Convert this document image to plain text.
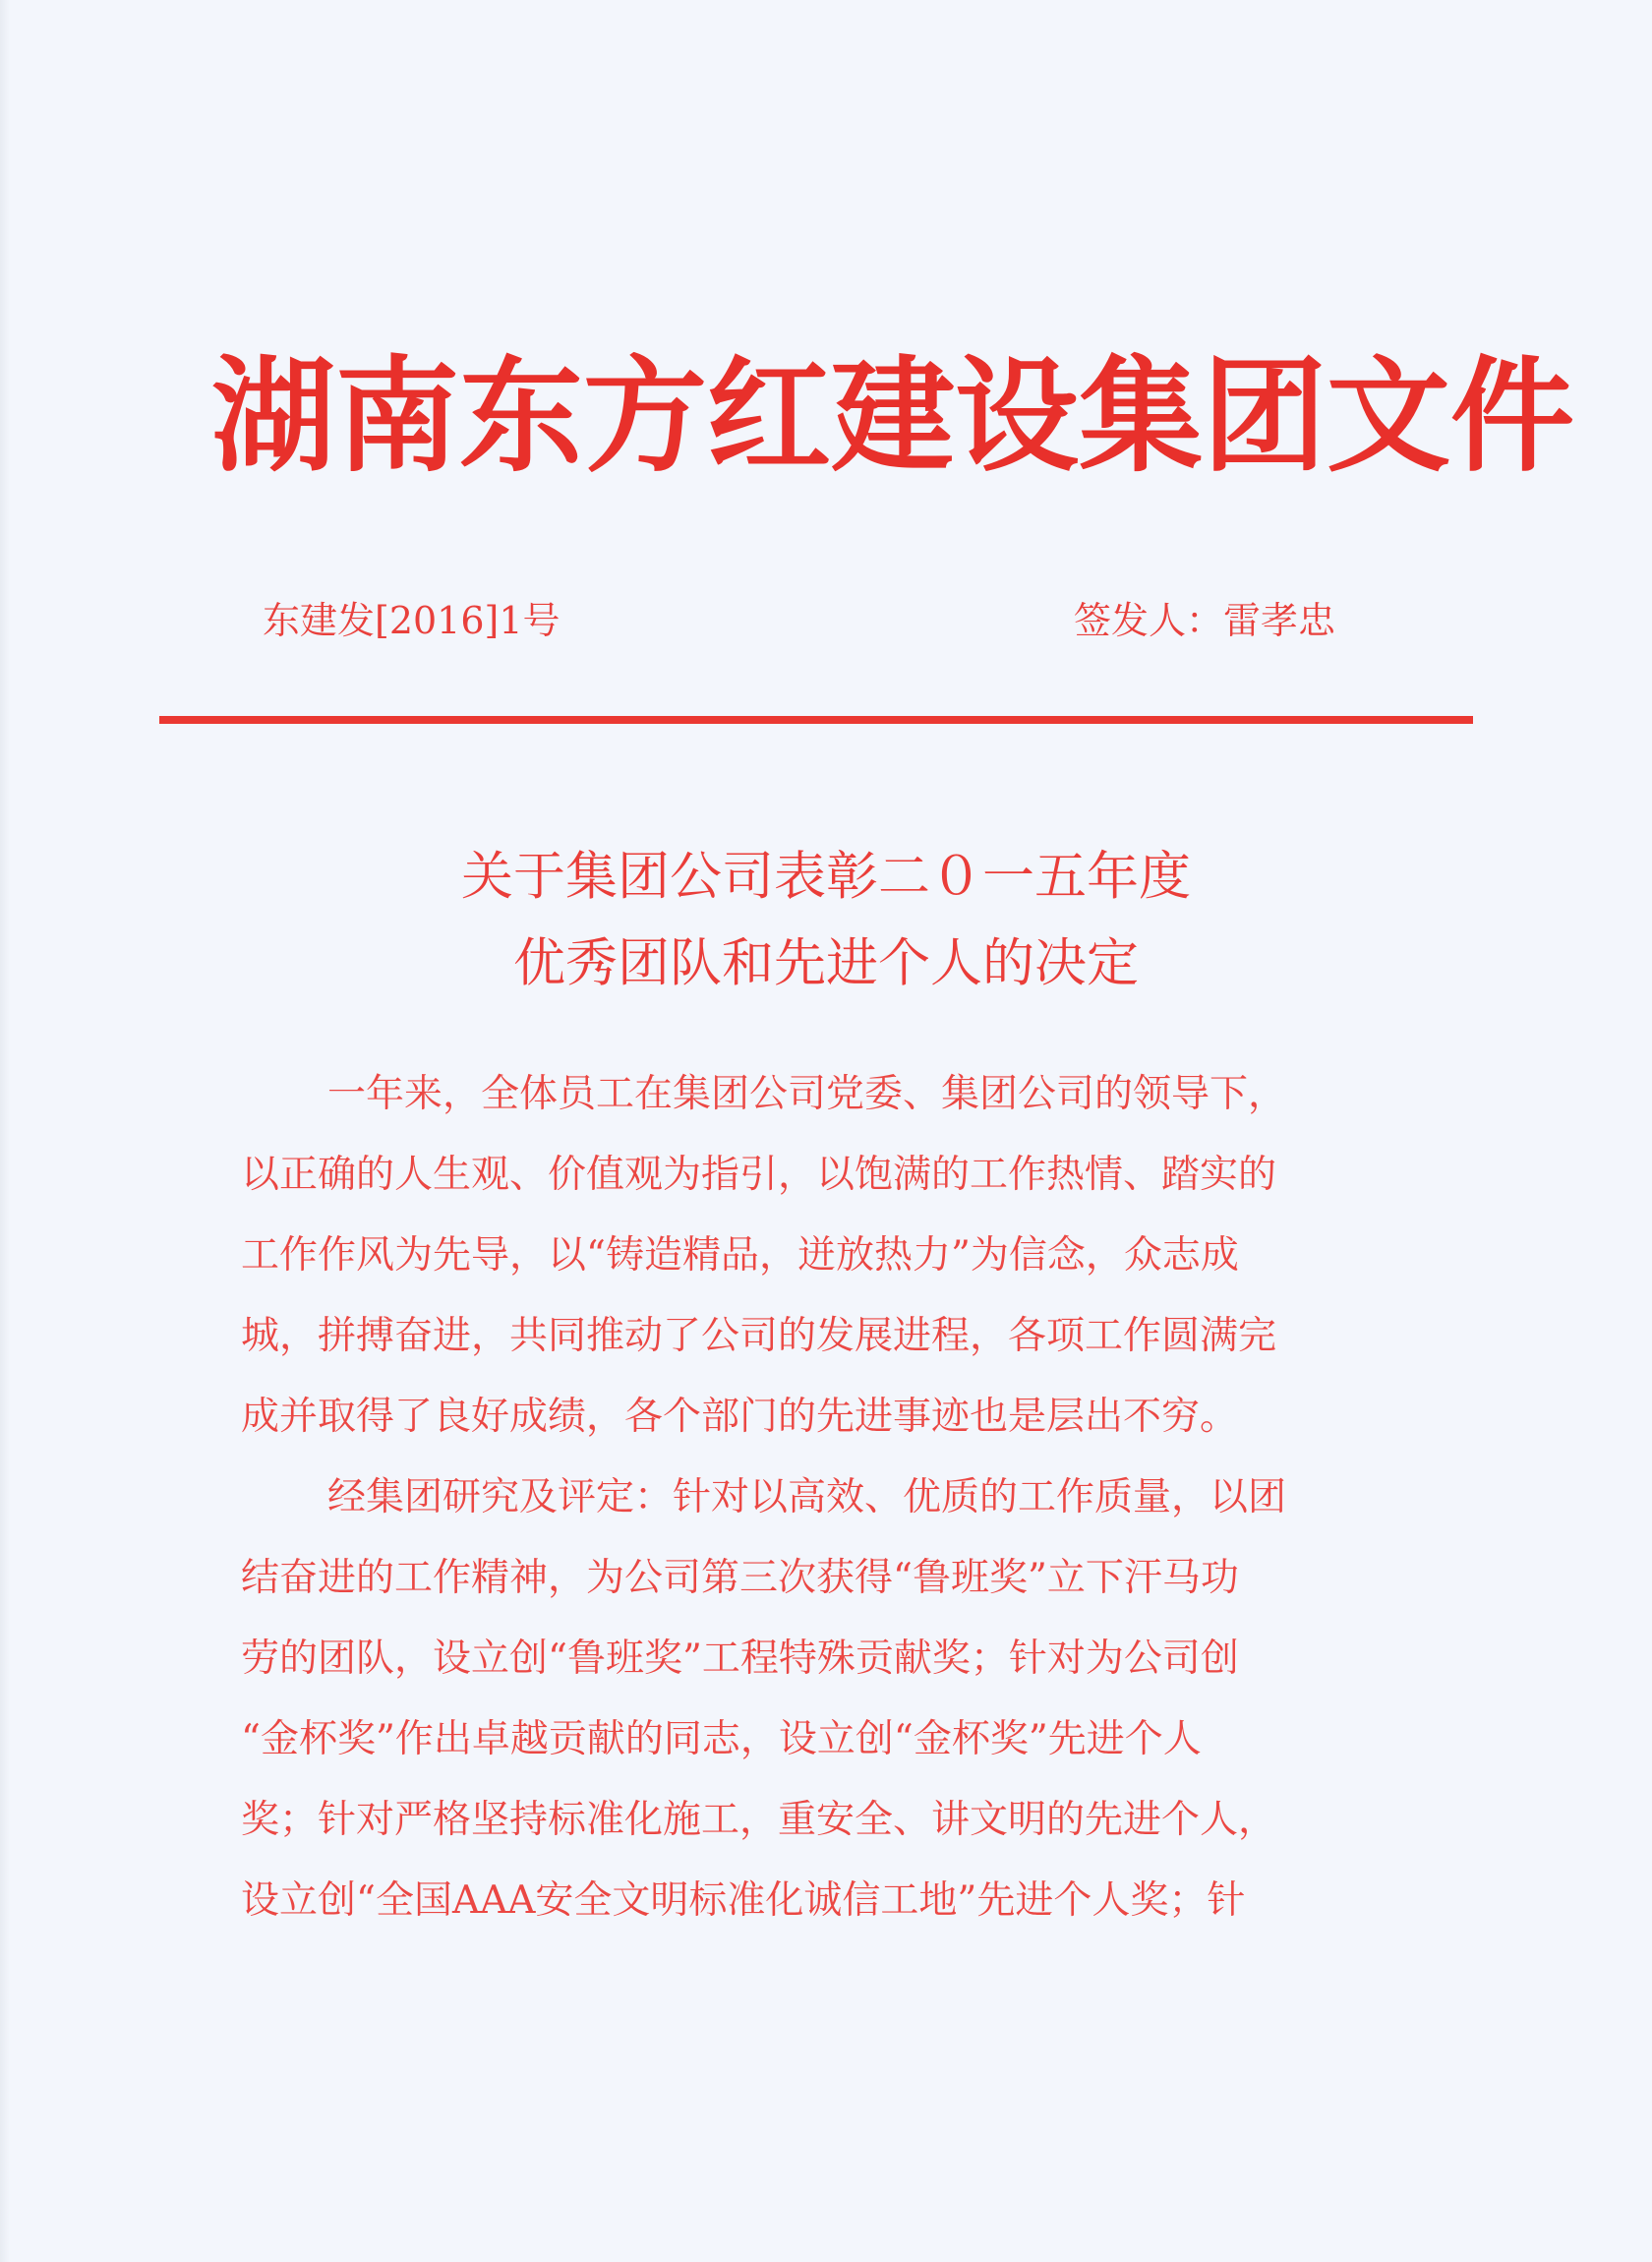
湖南东方红建设集团文件
东建发[2016]1号	签发人：雷孝忠
关于集团公司表彰二０一五年度
优秀团队和先进个人的决定
一年来，全体员工在集团公司党委、集团公司的领导下，
以正确的人生观、价值观为指引，以饱满的工作热情、踏实的
工作作风为先导，以“铸造精品，迸放热力”为信念，众志成
城，拼搏奋进，共同推动了公司的发展进程，各项工作圆满完
成并取得了良好成绩，各个部门的先进事迹也是层出不穷。
经集团研究及评定：针对以高效、优质的工作质量，以团
结奋进的工作精神，为公司第三次获得“鲁班奖”立下汗马功
劳的团队，设立创“鲁班奖”工程特殊贡献奖；针对为公司创
“金杯奖”作出卓越贡献的同志，设立创“金杯奖”先进个人
奖；针对严格坚持标准化施工，重安全、讲文明的先进个人，
设立创“全国AAA安全文明标准化诚信工地”先进个人奖；针
